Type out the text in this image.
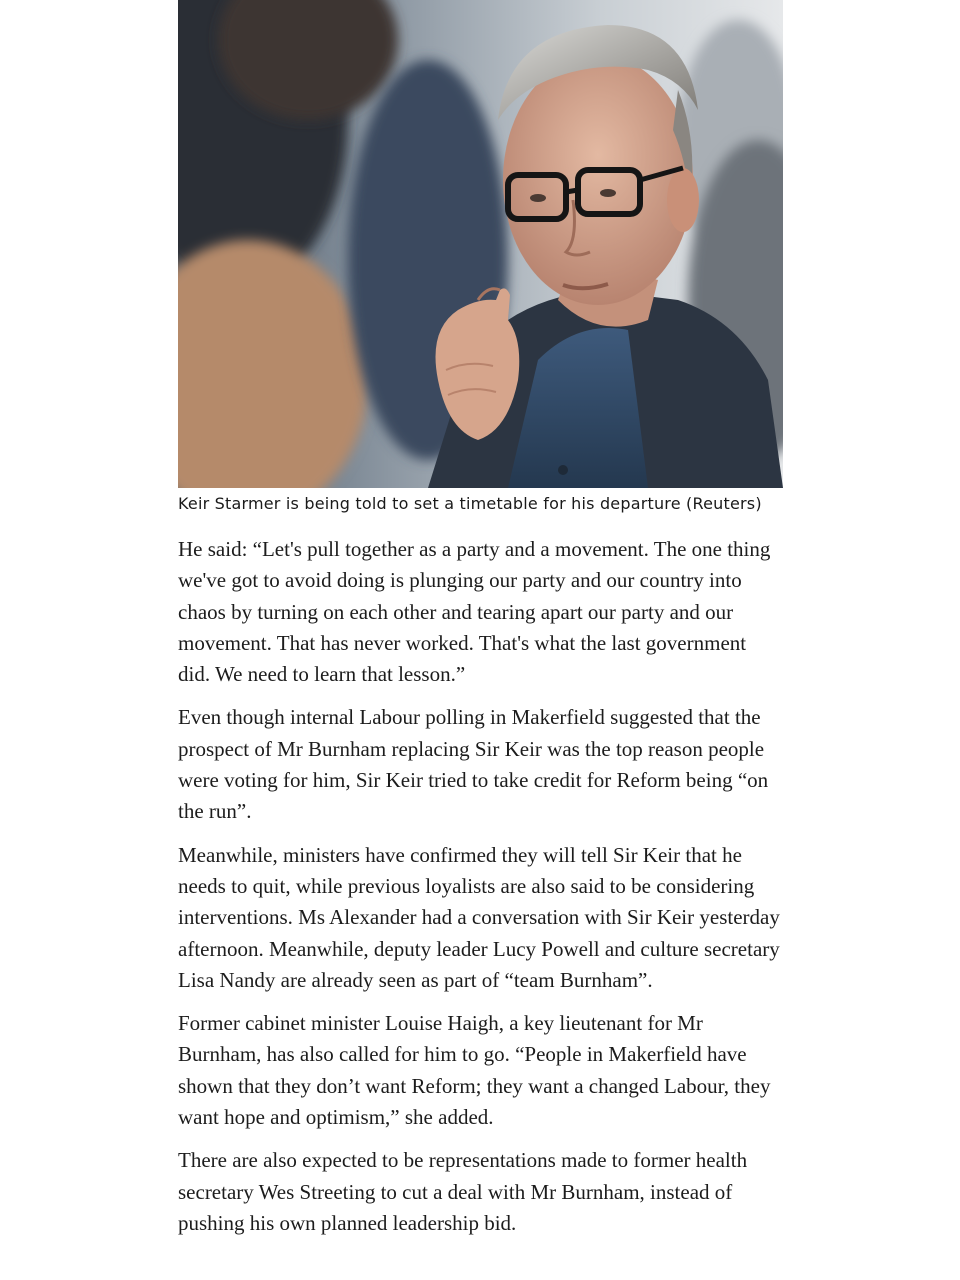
Keir Starmer is being told to set a timetable for his departure (Reuters)

He said: “Let's pull together as a party and a movement. The one thing we've got to avoid doing is plunging our party and our country into chaos by turning on each other and tearing apart our party and our movement. That has never worked. That's what the last government did. We need to learn that lesson.”

Even though internal Labour polling in Makerfield suggested that the prospect of Mr Burnham replacing Sir Keir was the top reason people were voting for him, Sir Keir tried to take credit for Reform being “on the run”.

Meanwhile, ministers have confirmed they will tell Sir Keir that he needs to quit, while previous loyalists are also said to be considering interventions. Ms Alexander had a conversation with Sir Keir yesterday afternoon. Meanwhile, deputy leader Lucy Powell and culture secretary Lisa Nandy are already seen as part of “team Burnham”.

Former cabinet minister Louise Haigh, a key lieutenant for Mr Burnham, has also called for him to go. “People in Makerfield have shown that they don’t want Reform; they want a changed Labour, they want hope and optimism,” she added.

There are also expected to be representations made to former health secretary Wes Streeting to cut a deal with Mr Burnham, instead of pushing his own planned leadership bid.
